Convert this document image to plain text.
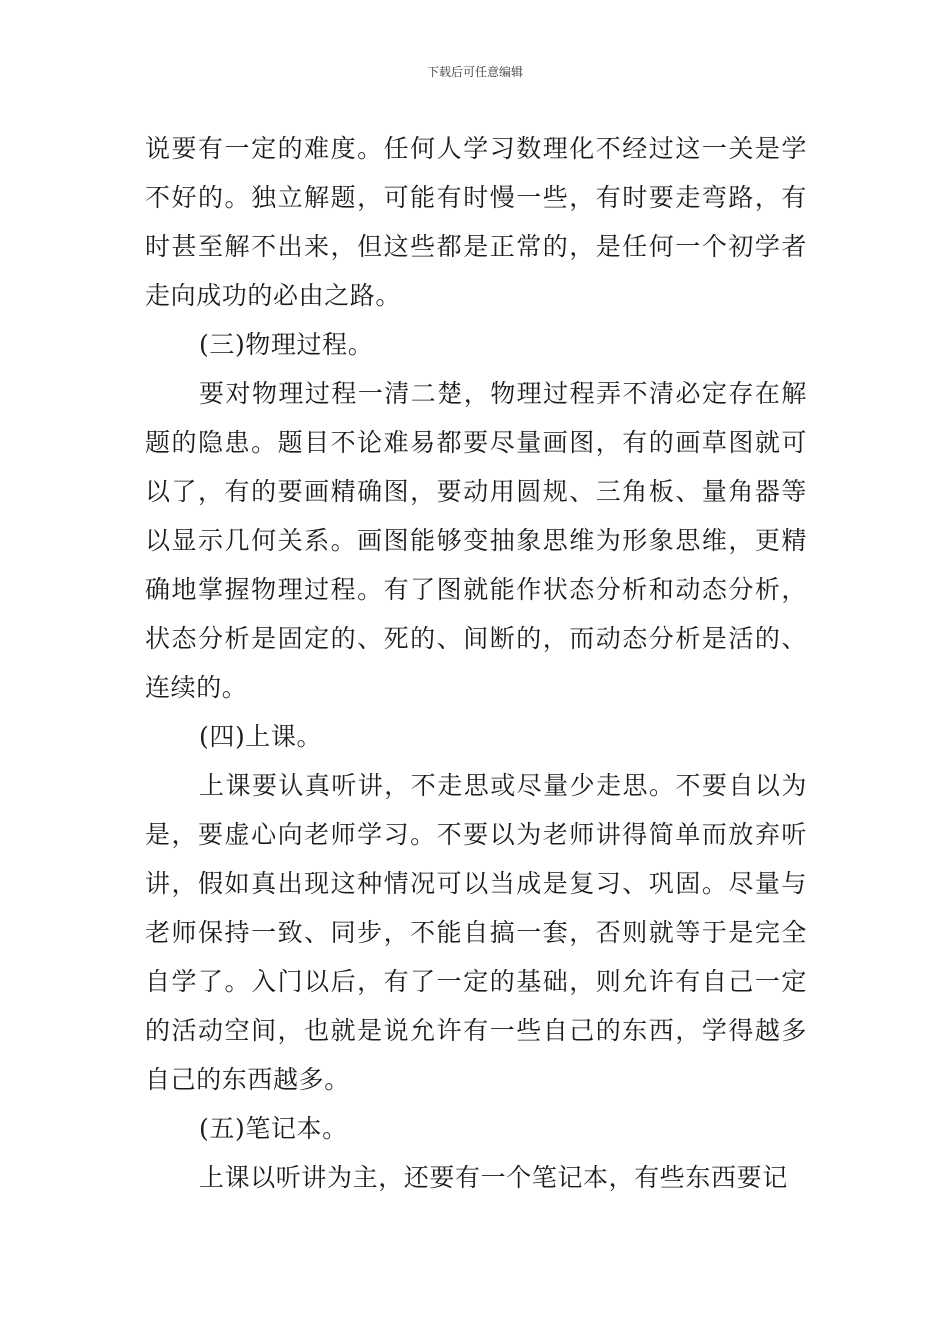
下载后可任意编辑

说要有一定的难度。任何人学习数理化不经过这一关是学不好的。独立解题，可能有时慢一些，有时要走弯路，有时甚至解不出来，但这些都是正常的，是任何一个初学者走向成功的必由之路。

(三)物理过程。

要对物理过程一清二楚，物理过程弄不清必定存在解题的隐患。题目不论难易都要尽量画图，有的画草图就可以了，有的要画精确图，要动用圆规、三角板、量角器等以显示几何关系。画图能够变抽象思维为形象思维，更精确地掌握物理过程。有了图就能作状态分析和动态分析，状态分析是固定的、死的、间断的，而动态分析是活的、连续的。

(四)上课。

上课要认真听讲，不走思或尽量少走思。不要自以为是，要虚心向老师学习。不要以为老师讲得简单而放弃听讲，假如真出现这种情况可以当成是复习、巩固。尽量与老师保持一致、同步，不能自搞一套，否则就等于是完全自学了。入门以后，有了一定的基础，则允许有自己一定的活动空间，也就是说允许有一些自己的东西，学得越多自己的东西越多。

(五)笔记本。

上课以听讲为主，还要有一个笔记本，有些东西要记
